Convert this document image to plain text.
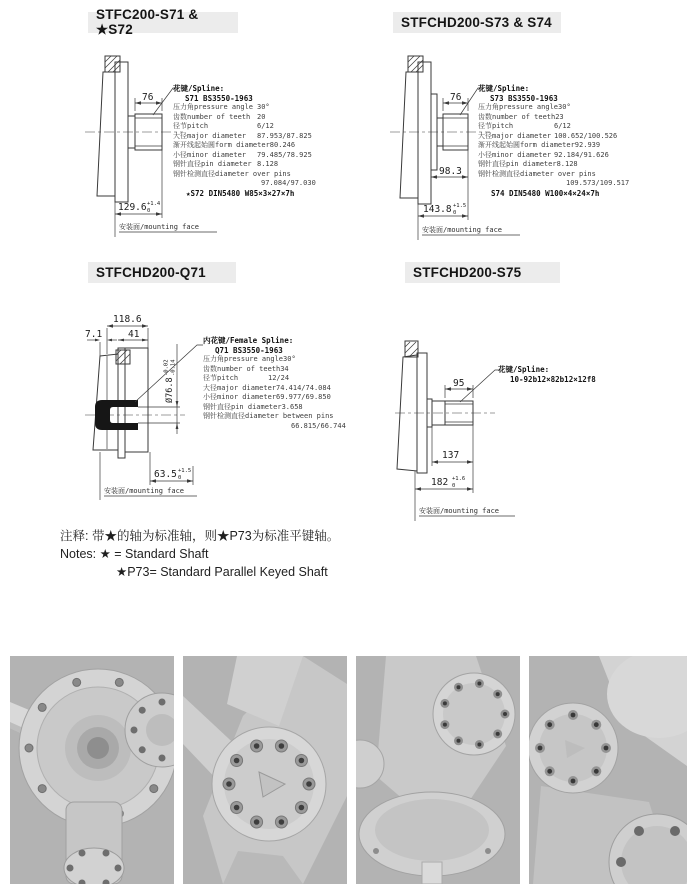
STFC200-S71 & ★S72
76
129.6 +1.4
0
安装面/mounting face
花键/Spline:
S71 BS3550-1963
压力角pressure angle 30°
齿数number of teeth 20
径节pitch	6/12
大径major diameter 87.953/87.825
渐开线起始圆form diameter80.246
小径minor diameter 79.485/78.925
钢针直径pin diameter 8.128
钢针检测直径diameter over pins
97.084/97.030
★S72 DIN5480 W85×3×27×7h
STFCHD200-S73 & S74
76
98.3
143.8 +1.5
0
安装面/mounting face
花键/Spline:
S73 BS3550-1963
压力角pressure angle30°
齿数number of teeth23
径节pitch	6/12
大径major diameter 100.652/100.526
渐开线起始圆form diameter92.939
小径minor diameter 92.184/91.626
钢针直径pin diameter8.128
钢针检测直径diameter over pins
109.573/109.517
S74 DIN5480 W100×4×24×7h
STFCHD200-Q71
118.6
7.1	41
Ø76.8
-0.02 -0.14
63.5 +1.5
0
安装面/mounting face
内花键/Female Spline:
Q71 BS3550-1963
压力角pressure angle30°
齿数number of teeth34
径节pitch	12/24
大径major diameter74.414/74.084
小径minor diameter69.977/69.850
钢针直径pin diameter3.658
钢针检测直径diameter between pins
66.815/66.744
STFCHD200-S75
95
137
182 +1.6
0
安装面/mounting face
花键/Spline:
10-92b12×82b12×12f8
注释: 带★的轴为标准轴，则★P73为标准平键轴。
Notes: ★ = Standard Shaft
★P73= Standard Parallel Keyed Shaft
